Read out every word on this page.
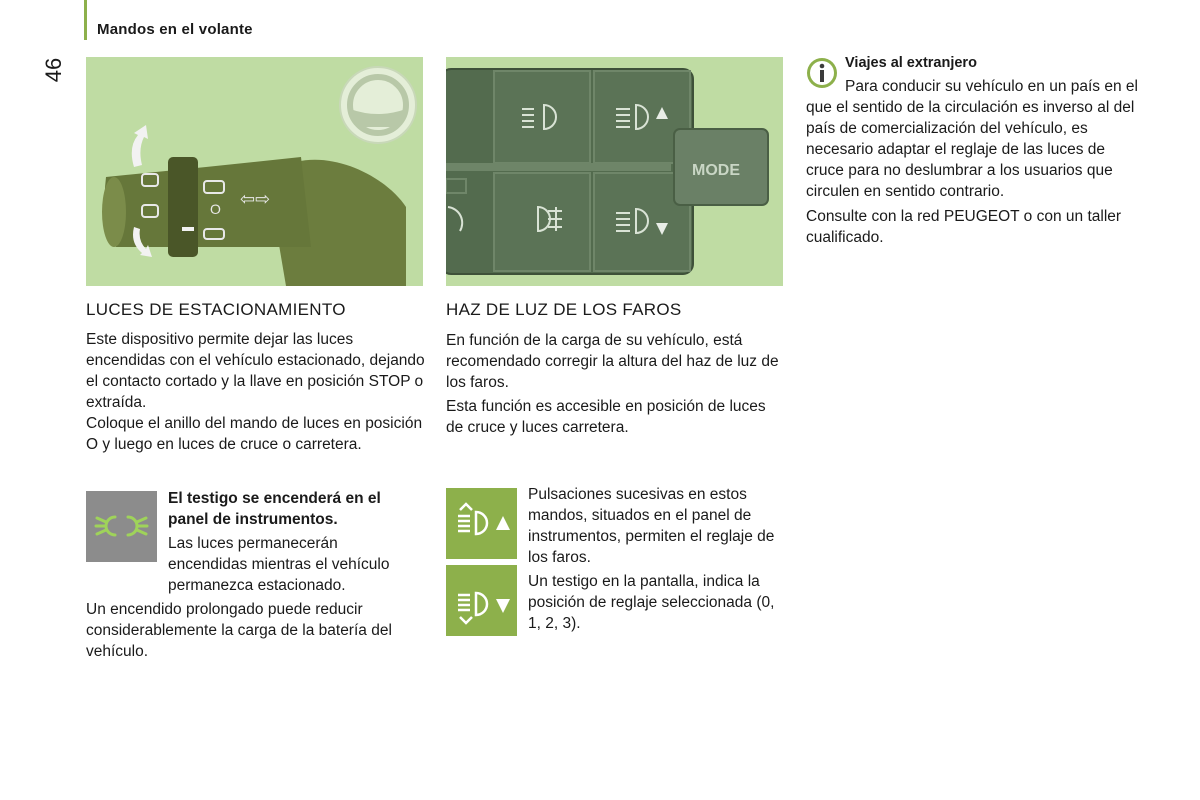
Mandos en el volante
46
O ⇦⇨
MODE
LUCES DE ESTACIONAMIENTO

Este dispositivo permite dejar las luces encendidas con el vehículo estacionado, dejando el contacto cortado y la llave en posición STOP o extraída.

Coloque el anillo del mando de luces en posición O y luego en luces de cruce o carretera.

El testigo se encenderá en el panel de instrumentos.

Las luces permanecerán encendidas mientras el vehículo permanezca estacionado.

Un encendido prolongado puede reducir considerablemente la carga de la batería del vehículo.

HAZ DE LUZ DE LOS FAROS

En función de la carga de su vehículo, está recomendado corregir la altura del haz de luz de los faros.

Esta función es accesible en posición de luces de cruce y luces carretera.

Pulsaciones sucesivas en estos mandos, situados en el panel de instrumentos, permiten el reglaje de los faros.

Un testigo en la pantalla, indica la posición de reglaje seleccionada (0, 1, 2, 3).

Viajes al extranjero

Para conducir su vehículo en un país en el que el sentido de la circulación es inverso al del país de comercialización del vehículo, es necesario adaptar el reglaje de las luces de cruce para no deslumbrar a los usuarios que circulen en sentido contrario.

Consulte con la red PEUGEOT o con un taller cualificado.
